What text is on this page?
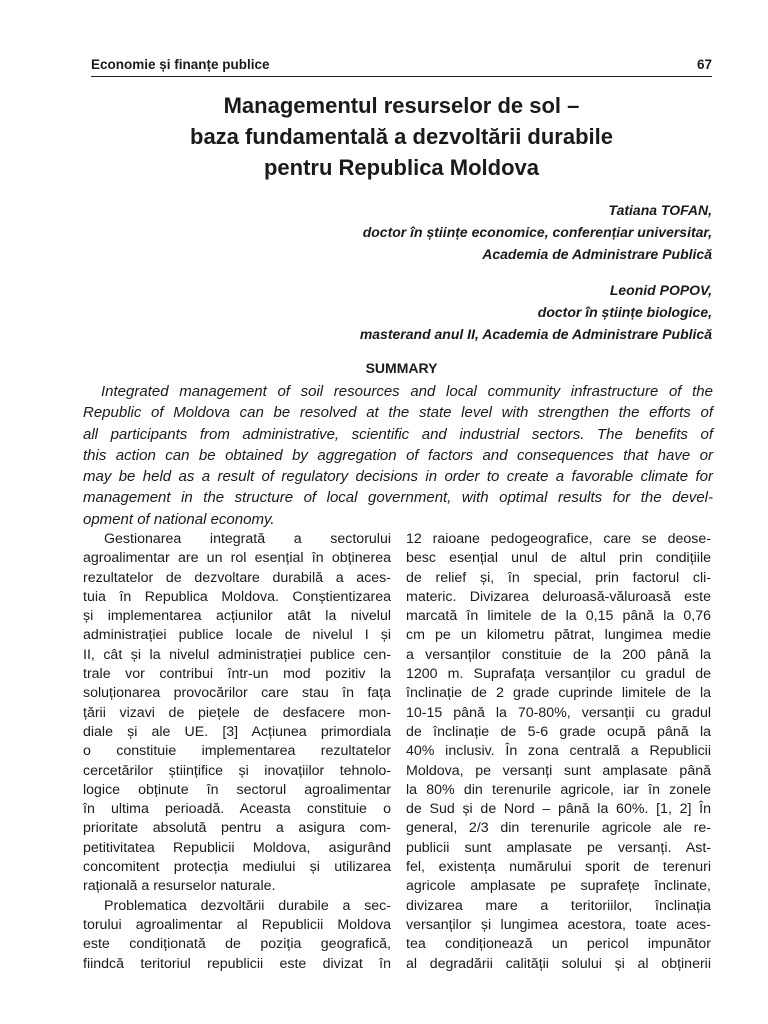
Economie și finanțe publice	67
Managementul resurselor de sol –
baza fundamentală a dezvoltării durabile
pentru Republica Moldova
Tatiana TOFAN,
doctor în științe economice, conferențiar universitar,
Academia de Administrare Publică
Leonid POPOV,
doctor în științe biologice,
masterand anul II, Academia de Administrare Publică
SUMMARY
Integrated management of soil resources and local community infrastructure of the
Republic of Moldova can be resolved at the state level with strengthen the efforts of
all participants from administrative, scientific and industrial sectors. The benefits of
this action can be obtained by aggregation of factors and consequences that have or
may be held as a result of regulatory decisions in order to create a favorable climate for
management in the structure of local government, with optimal results for the devel-
opment of national economy.
Gestionarea integrată a sectorului
agroalimentar are un rol esențial în obținerea
rezultatelor de dezvoltare durabilă a aces-
tuia în Republica Moldova. Conștientizarea
și implementarea acțiunilor atât la nivelul
administrației publice locale de nivelul I și
II, cât și la nivelul administrației publice cen-
trale vor contribui într-un mod pozitiv la
soluționarea provocărilor care stau în fața
țării vizavi de piețele de desfacere mon-
diale și ale UE. [3] Acțiunea primordiala
o constituie implementarea rezultatelor
cercetărilor științifice și inovațiilor tehnolo-
logice obținute în sectorul agroalimentar
în ultima perioadă. Aceasta constituie o
prioritate absolută pentru a asigura com-
petitivitatea Republicii Moldova, asigurând
concomitent protecția mediului și utilizarea
rațională a resurselor naturale.
Problematica dezvoltării durabile a sec-
torului agroalimentar al Republicii Moldova
este condiționată de poziția geografică,
fiindcă teritoriul republicii este divizat în
12 raioane pedogeografice, care se deose-
besc esențial unul de altul prin condițiile
de relief și, în special, prin factorul cli-
materic. Divizarea deluroasă-văluroasă este
marcată în limitele de la 0,15 până la 0,76
cm pe un kilometru pătrat, lungimea medie
a versanților constituie de la 200 până la
1200 m. Suprafața versanților cu gradul de
înclinație de 2 grade cuprinde limitele de la
10-15 până la 70-80%, versanții cu gradul
de înclinație de 5-6 grade ocupă până la
40% inclusiv. În zona centrală a Republicii
Moldova, pe versanți sunt amplasate până
la 80% din terenurile agricole, iar în zonele
de Sud și de Nord – până la 60%. [1, 2] În
general, 2/3 din terenurile agricole ale re-
publicii sunt amplasate pe versanți. Ast-
fel, existența numărului sporit de terenuri
agricole amplasate pe suprafețe înclinate,
divizarea mare a teritoriilor, înclinația
versanților și lungimea acestora, toate aces-
tea condiționează un pericol impunător
al degradării calității solului și al obținerii
